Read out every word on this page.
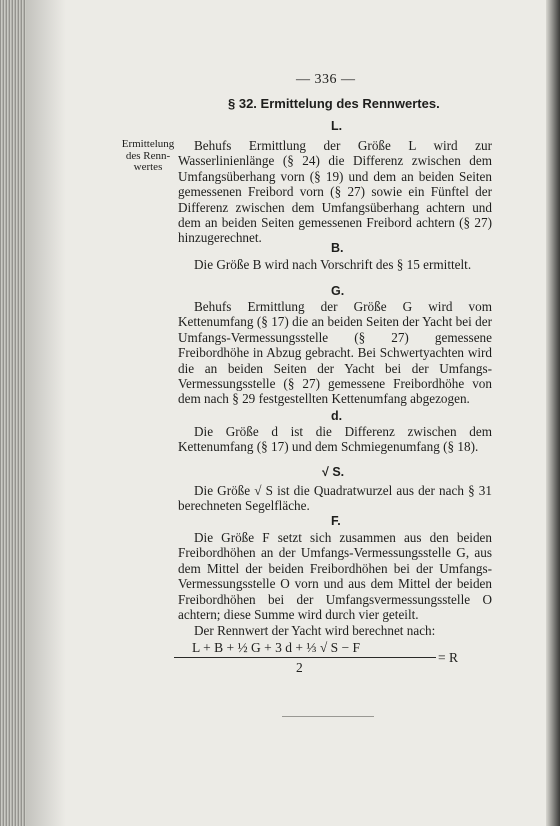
— 336 —
§ 32. Ermittelung des Rennwertes.
L.
Ermittelung des Renn- wertes
Behufs Ermittlung der Größe L wird zur Wasserlinienlänge (§ 24) die Differenz zwischen dem Umfangsüberhang vorn (§ 19) und dem an beiden Seiten gemessenen Freibord vorn (§ 27) sowie ein Fünftel der Differenz zwischen dem Umfangsüberhang achtern und dem an beiden Seiten gemessenen Freibord achtern (§ 27) hinzugerechnet.
B.
Die Größe B wird nach Vorschrift des § 15 ermittelt.
G.
Behufs Ermittlung der Größe G wird vom Kettenumfang (§ 17) die an beiden Seiten der Yacht bei der Umfangs-Vermessungsstelle (§ 27) gemessene Freibordhöhe in Abzug gebracht. Bei Schwertyachten wird die an beiden Seiten der Yacht bei der Umfangs-Vermessungsstelle (§ 27) gemessene Freibordhöhe von dem nach § 29 festgestellten Kettenumfang abgezogen.
d.
Die Größe d ist die Differenz zwischen dem Kettenumfang (§ 17) und dem Schmiegenumfang (§ 18).
√ S.
Die Größe √ S ist die Quadratwurzel aus der nach § 31 berechneten Segelfläche.
F.
Die Größe F setzt sich zusammen aus den beiden Freibordhöhen an der Umfangs-Vermessungsstelle G, aus dem Mittel der beiden Freibordhöhen bei der Umfangs-Vermessungsstelle O vorn und aus dem Mittel der beiden Freibordhöhen bei der Umfangsvermessungsstelle O achtern; diese Summe wird durch vier geteilt.
Der Rennwert der Yacht wird berechnet nach:
L + B + ½ G + 3 d + ⅓ √ S − F
2
= R
